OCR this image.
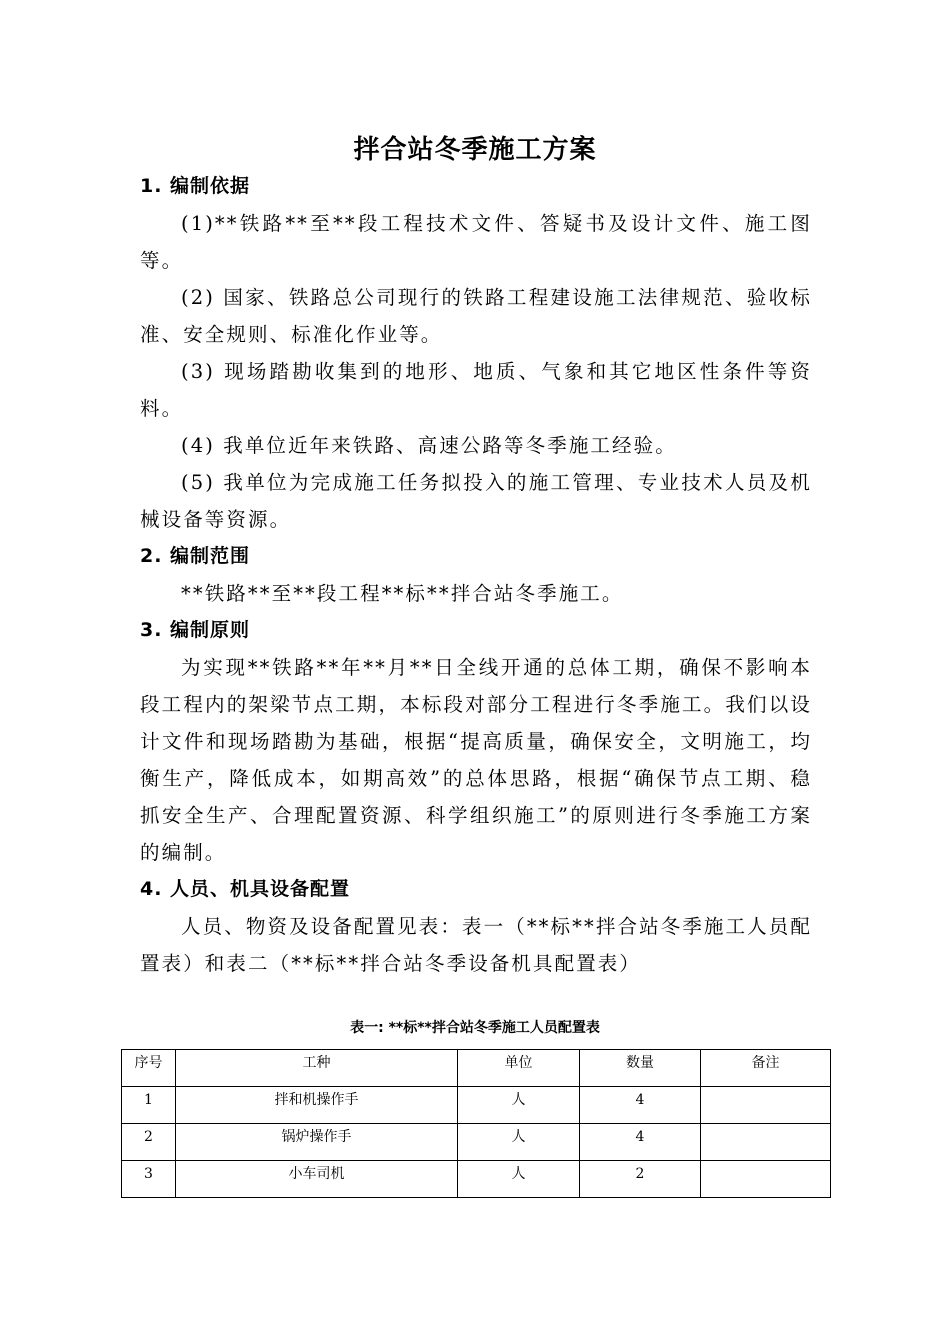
拌合站冬季施工方案

1. 编制依据

(1)**铁路**至**段工程技术文件、答疑书及设计文件、施工图等。

(2) 国家、铁路总公司现行的铁路工程建设施工法律规范、验收标准、安全规则、标准化作业等。

(3) 现场踏勘收集到的地形、地质、气象和其它地区性条件等资料。

(4) 我单位近年来铁路、高速公路等冬季施工经验。

(5) 我单位为完成施工任务拟投入的施工管理、专业技术人员及机械设备等资源。

2. 编制范围

**铁路**至**段工程**标**拌合站冬季施工。

3. 编制原则

为实现**铁路**年**月**日全线开通的总体工期，确保不影响本段工程内的架梁节点工期，本标段对部分工程进行冬季施工。我们以设计文件和现场踏勘为基础，根据“提高质量，确保安全，文明施工，均衡生产，降低成本，如期高效”的总体思路，根据“确保节点工期、稳抓安全生产、合理配置资源、科学组织施工”的原则进行冬季施工方案的编制。

4. 人员、机具设备配置

人员、物资及设备配置见表：表一（**标**拌合站冬季施工人员配置表）和表二（**标**拌合站冬季设备机具配置表）

表一: **标**拌合站冬季施工人员配置表

序号	工种	单位	数量	备注
1	拌和机操作手	人	4	
2	锅炉操作手	人	4	
3	小车司机	人	2	
